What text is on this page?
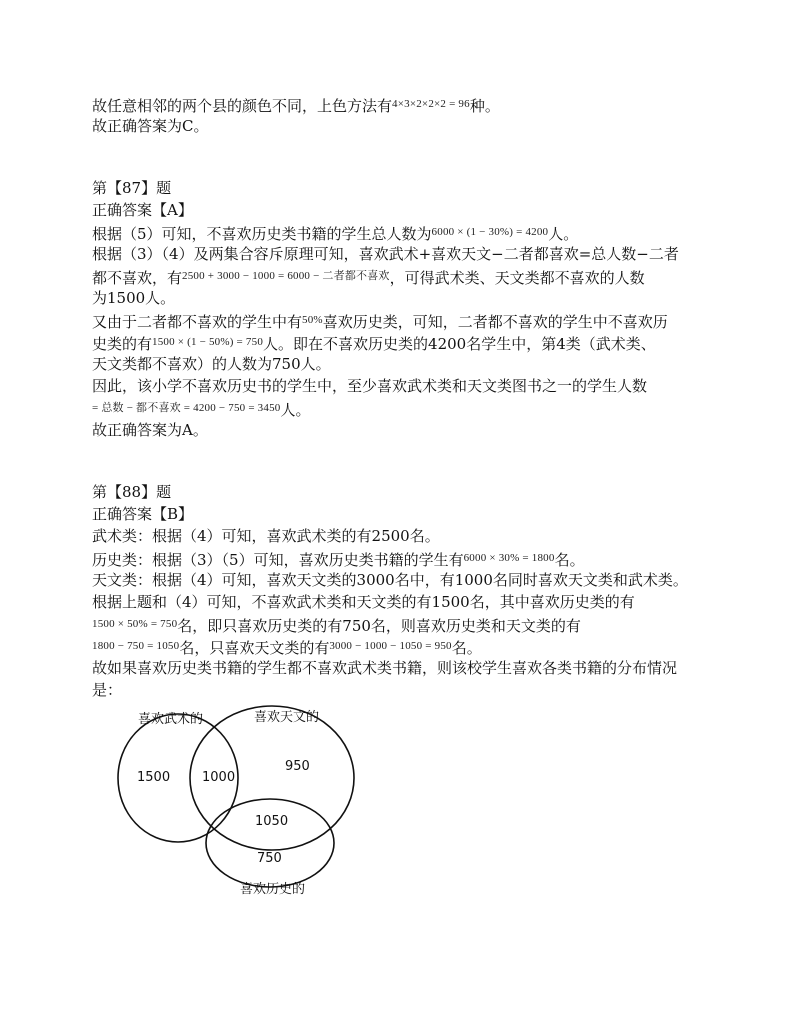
故任意相邻的两个县的颜色不同，上色方法有$^{4\times 3\times 2\times 2\times 2 = 96}$种。
故正确答案为C。
第【87】题
正确答案【A】
根据（5）可知，不喜欢历史类书籍的学生总人数为$^{6000 \times (1 - 30\%) = 4200}$人。
根据（3）（4）及两集合容斥原理可知，喜欢武术+喜欢天文−二者都喜欢=总人数−二者
都不喜欢，有$^{2500 + 3000 - 1000 = 6000 - 二者都不喜欢}$，可得武术类、天文类都不喜欢的人数
为1500人。
又由于二者都不喜欢的学生中有$^{50\%}$喜欢历史类，可知，二者都不喜欢的学生中不喜欢历
史类的有$^{1500 \times (1 - 50\%) = 750}$人。即在不喜欢历史类的4200名学生中，第4类（武术类、
天文类都不喜欢）的人数为750人。
因此，该小学不喜欢历史书的学生中，至少喜欢武术类和天文类图书之一的学生人数
$^{= 总数 - 都不喜欢 = 4200 - 750 = 3450}$人。
故正确答案为A。
第【88】题
正确答案【B】
武术类：根据（4）可知，喜欢武术类的有2500名。
历史类：根据（3）（5）可知，喜欢历史类书籍的学生有$^{6000 \times 30\% = 1800}$名。
天文类：根据（4）可知，喜欢天文类的3000名中，有1000名同时喜欢天文类和武术类。
根据上题和（4）可知，不喜欢武术类和天文类的有1500名，其中喜欢历史类的有
$^{1500 \times 50\% = 750}$名，即只喜欢历史类的有750名，则喜欢历史类和天文类的有
$^{1800 - 750 = 1050}$名，只喜欢天文类的有$^{3000 - 1000 - 1050 = 950}$名。
故如果喜欢历史类书籍的学生都不喜欢武术类书籍，则该校学生喜欢各类书籍的分布情况
是：
喜欢武术的	喜欢天文的
喜欢历史的
1500 1000
950
1050
750
